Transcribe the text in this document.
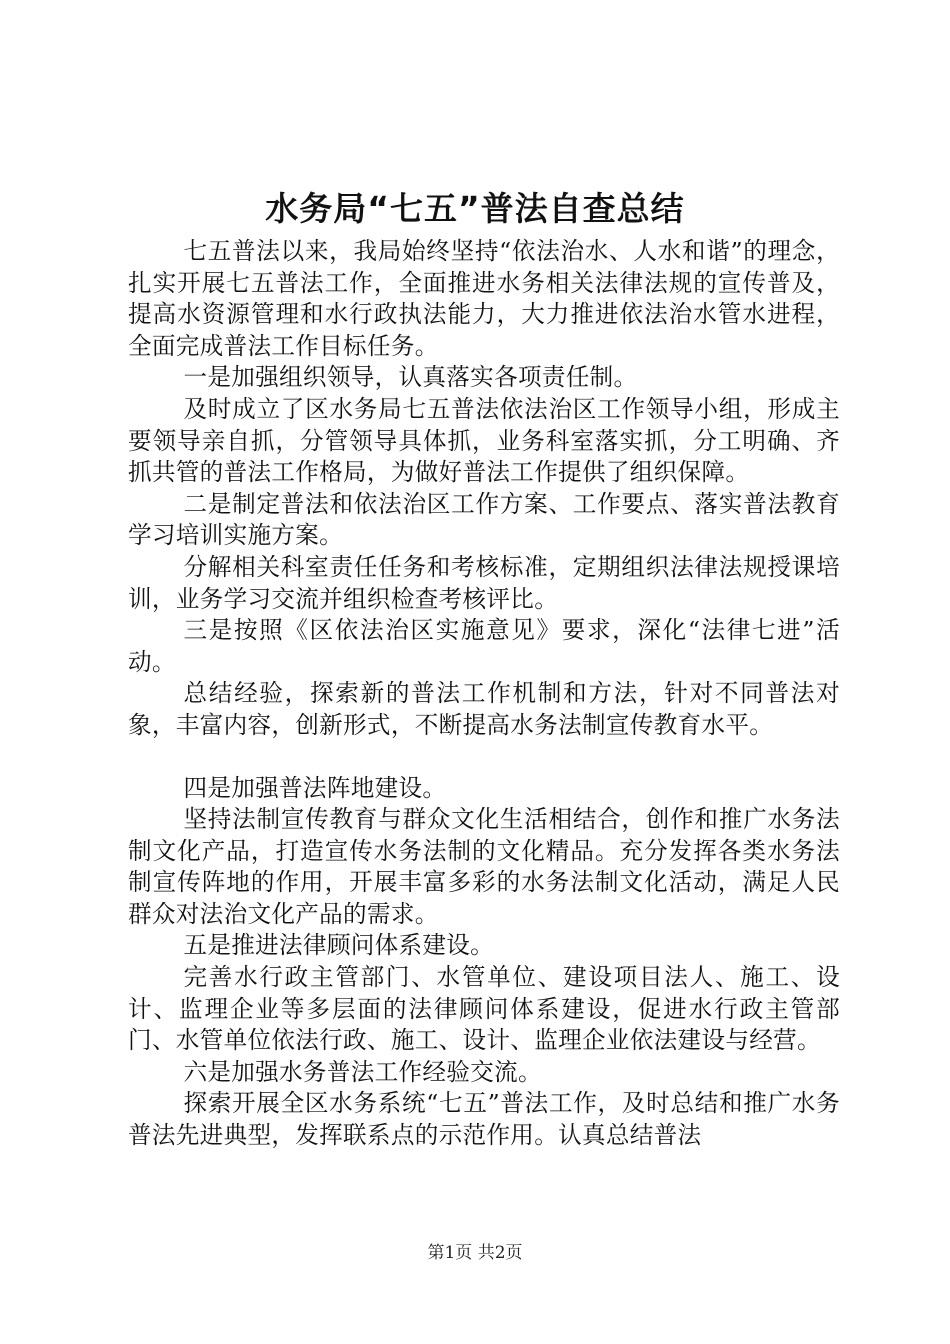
水务局“七五”普法自查总结

七五普法以来，我局始终坚持“依法治水、人水和谐”的理念，扎实开展七五普法工作，全面推进水务相关法律法规的宣传普及，提高水资源管理和水行政执法能力，大力推进依法治水管水进程，全面完成普法工作目标任务。

一是加强组织领导，认真落实各项责任制。

及时成立了区水务局七五普法依法治区工作领导小组，形成主要领导亲自抓，分管领导具体抓，业务科室落实抓，分工明确、齐抓共管的普法工作格局，为做好普法工作提供了组织保障。

二是制定普法和依法治区工作方案、工作要点、落实普法教育学习培训实施方案。

分解相关科室责任任务和考核标准，定期组织法律法规授课培训，业务学习交流并组织检查考核评比。

三是按照《区依法治区实施意见》要求，深化“法律七进”活动。

总结经验，探索新的普法工作机制和方法，针对不同普法对象，丰富内容，创新形式，不断提高水务法制宣传教育水平。

四是加强普法阵地建设。

坚持法制宣传教育与群众文化生活相结合，创作和推广水务法制文化产品，打造宣传水务法制的文化精品。充分发挥各类水务法制宣传阵地的作用，开展丰富多彩的水务法制文化活动，满足人民群众对法治文化产品的需求。

五是推进法律顾问体系建设。

完善水行政主管部门、水管单位、建设项目法人、施工、设计、监理企业等多层面的法律顾问体系建设，促进水行政主管部门、水管单位依法行政、施工、设计、监理企业依法建设与经营。

六是加强水务普法工作经验交流。

探索开展全区水务系统“七五”普法工作，及时总结和推广水务普法先进典型，发挥联系点的示范作用。认真总结普法

第1页 共2页
